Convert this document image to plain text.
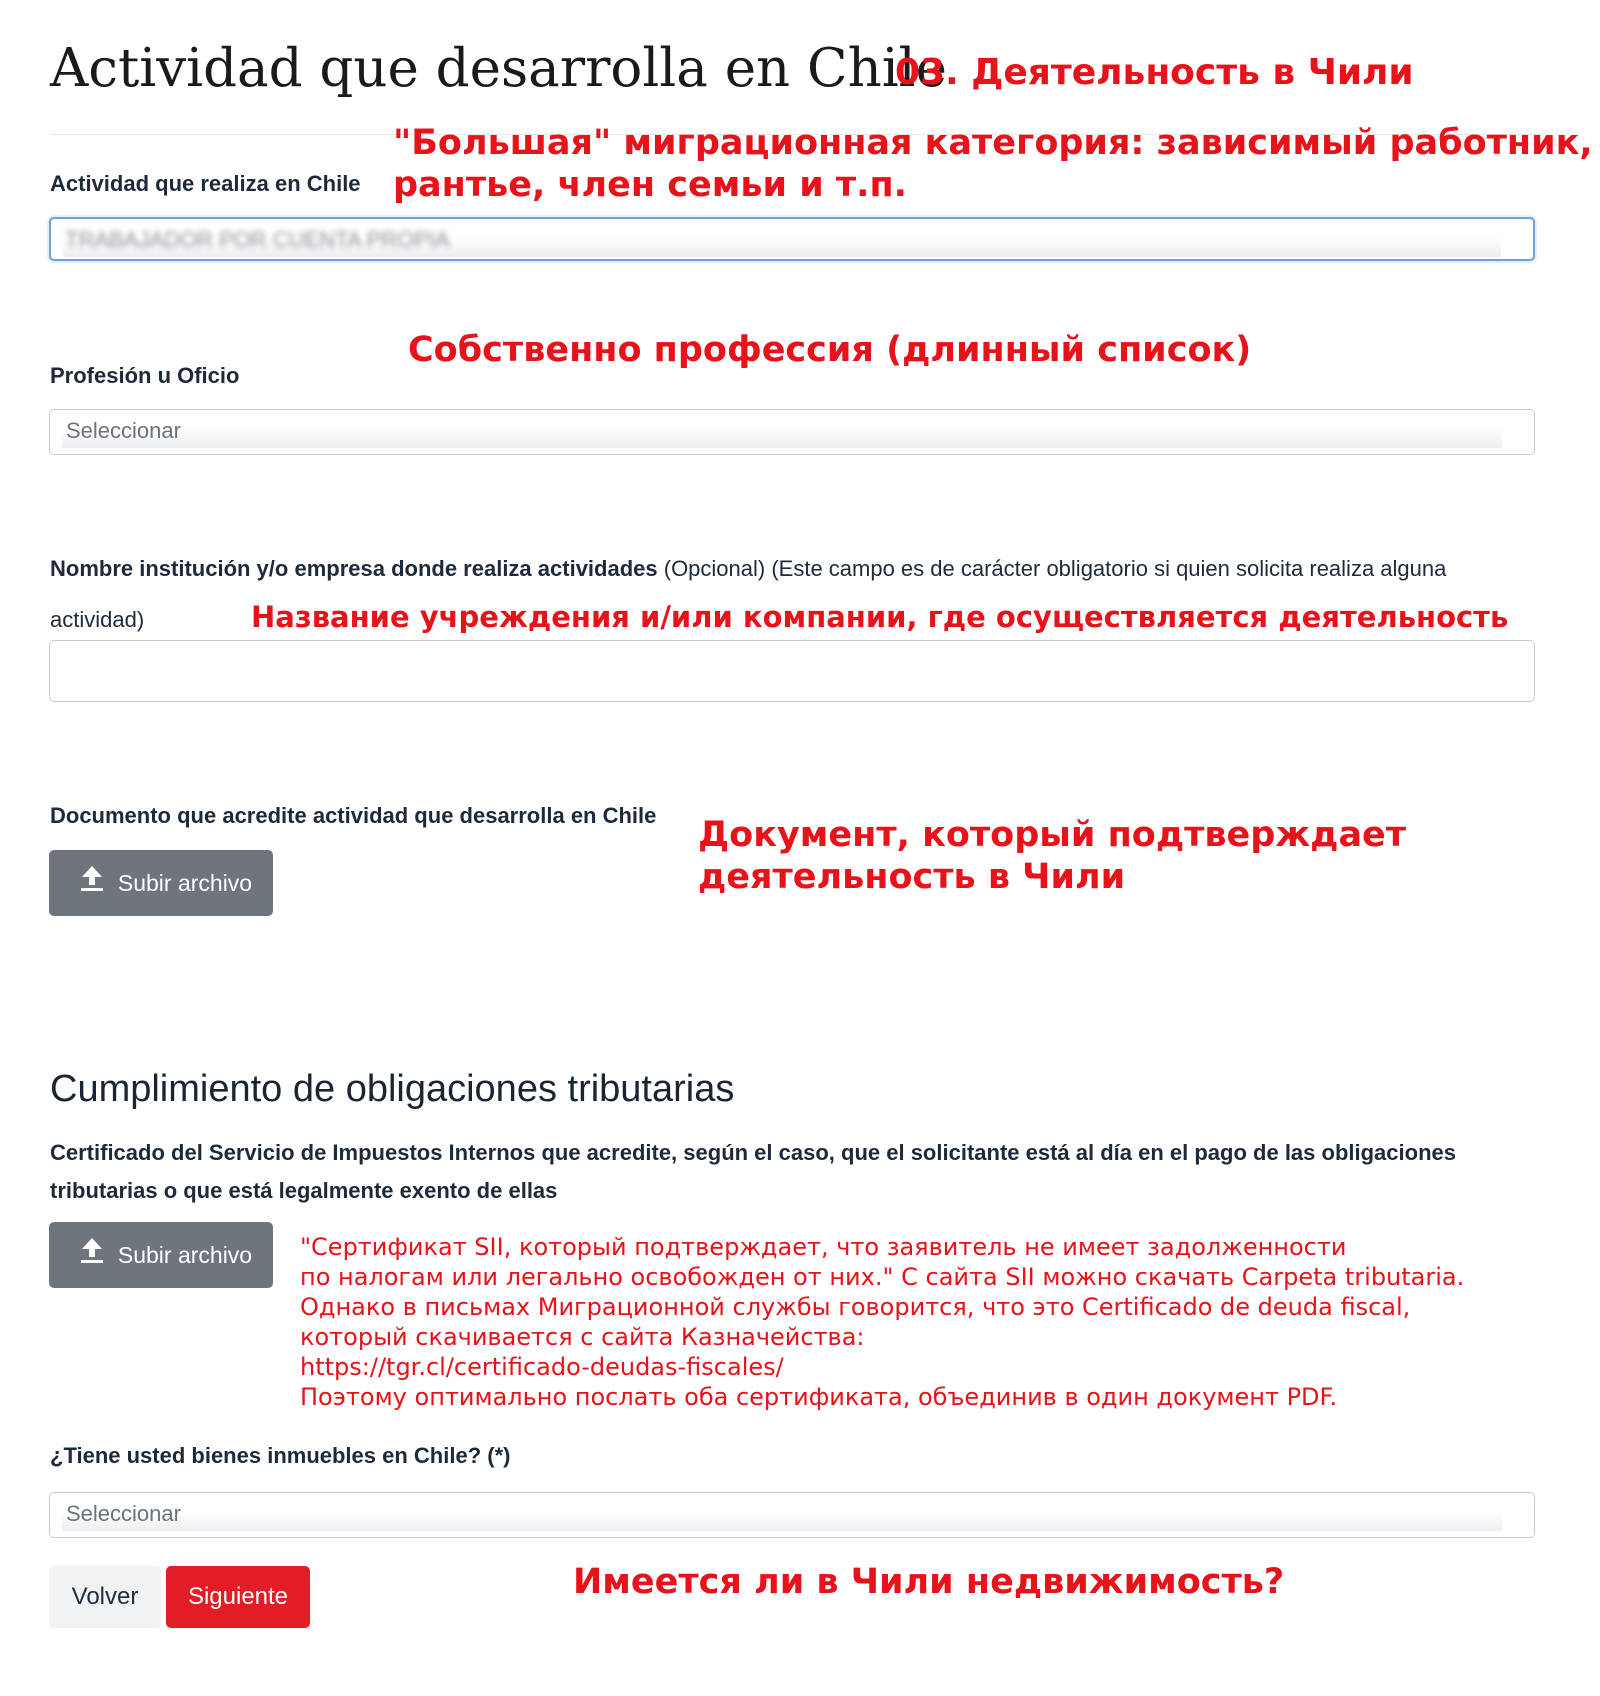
Actividad que desarrolla en Chile
03. Деятельность в Чили
"Большая" миграционная категория: зависимый работник,
рантье, член семьи и т.п.
Actividad que realiza en Chile
TRABAJADOR POR CUENTA PROPIA
Собственно профессия (длинный список)
Profesión u Oficio
Seleccionar
Nombre institución y/o empresa donde realiza actividades (Opcional) (Este campo es de carácter obligatorio si quien solicita realiza alguna
actividad)	Название учреждения и/или компании, где осуществляется деятельность
Documento que acredite actividad que desarrolla en Chile
Subir archivo
Документ, который подтверждает
деятельность в Чили
Cumplimiento de obligaciones tributarias
Certificado del Servicio de Impuestos Internos que acredite, según el caso, que el solicitante está al día en el pago de las obligaciones
tributarias o que está legalmente exento de ellas
Subir archivo "Сертификат SII, который подтверждает, что заявитель не имеет задолженности
по налогам или легально освобожден от них." С сайта SII можно скачать Carpeta tributaria.
Однако в письмах Миграционной службы говорится, что это Certificado de deuda fiscal,
который скачивается с сайта Казначейства:
https://tgr.cl/certificado-deudas-fiscales/
Поэтому оптимально послать оба сертификата, объединив в один документ PDF.
¿Tiene usted bienes inmuebles en Chile? (*)
Seleccionar
Volver	Siguiente	Имеется ли в Чили недвижимость?
